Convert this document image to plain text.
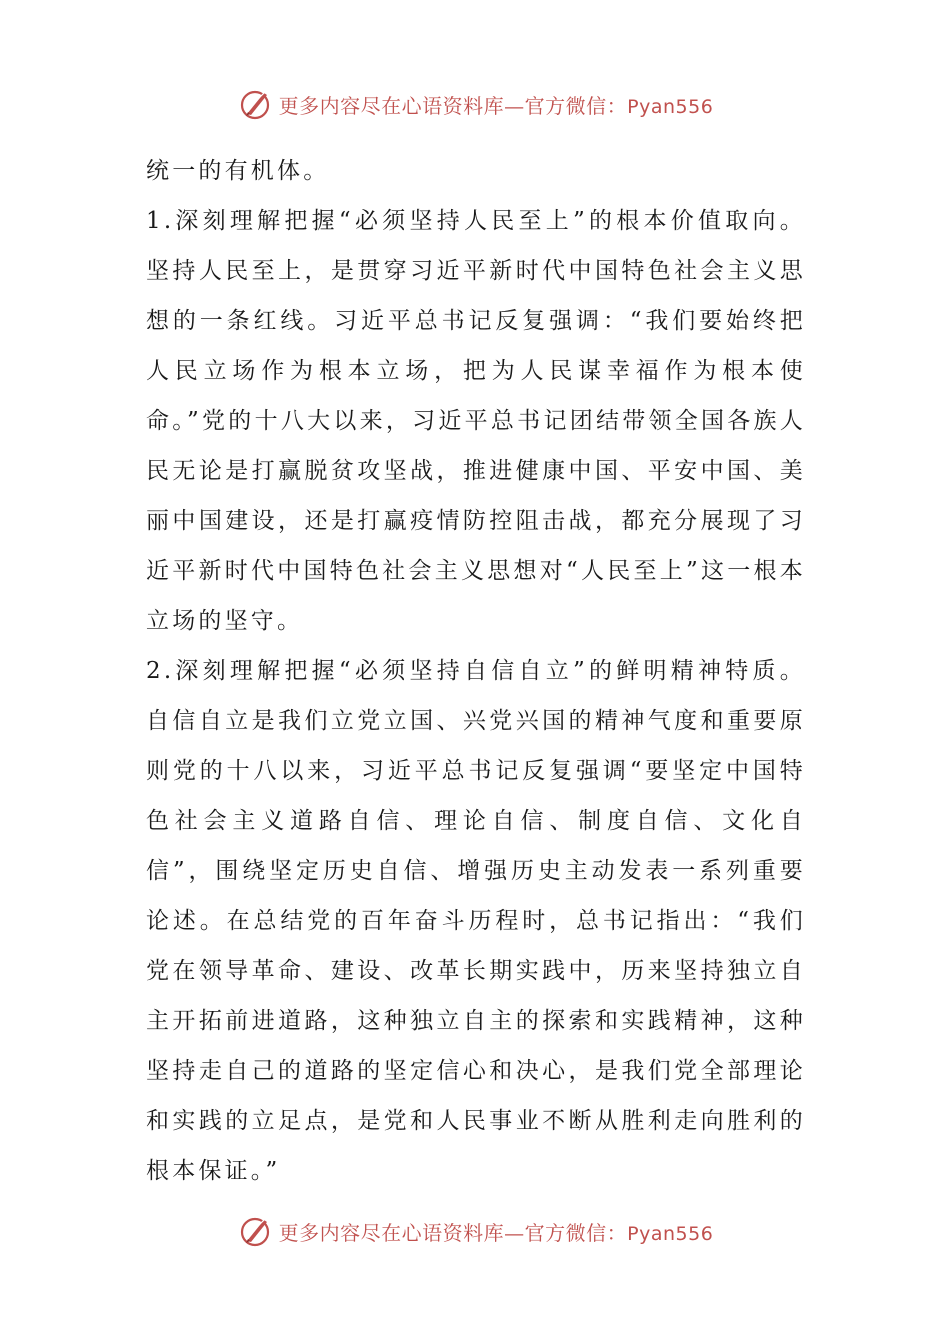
更多内容尽在心语资料库—官方微信：Pyan556

统一的有机体。

1.深刻理解把握“必须坚持人民至上”的根本价值取向。坚持人民至上，是贯穿习近平新时代中国特色社会主义思想的一条红线。习近平总书记反复强调：“我们要始终把人民立场作为根本立场，把为人民谋幸福作为根本使命。”党的十八大以来，习近平总书记团结带领全国各族人民无论是打赢脱贫攻坚战，推进健康中国、平安中国、美丽中国建设，还是打赢疫情防控阻击战，都充分展现了习近平新时代中国特色社会主义思想对“人民至上”这一根本立场的坚守。

2.深刻理解把握“必须坚持自信自立”的鲜明精神特质。自信自立是我们立党立国、兴党兴国的精神气度和重要原则党的十八以来，习近平总书记反复强调“要坚定中国特色社会主义道路自信、理论自信、制度自信、文化自信”，围绕坚定历史自信、增强历史主动发表一系列重要论述。在总结党的百年奋斗历程时，总书记指出：“我们党在领导革命、建设、改革长期实践中，历来坚持独立自主开拓前进道路，这种独立自主的探索和实践精神，这种坚持走自己的道路的坚定信心和决心，是我们党全部理论和实践的立足点，是党和人民事业不断从胜利走向胜利的根本保证。”

更多内容尽在心语资料库—官方微信：Pyan556
